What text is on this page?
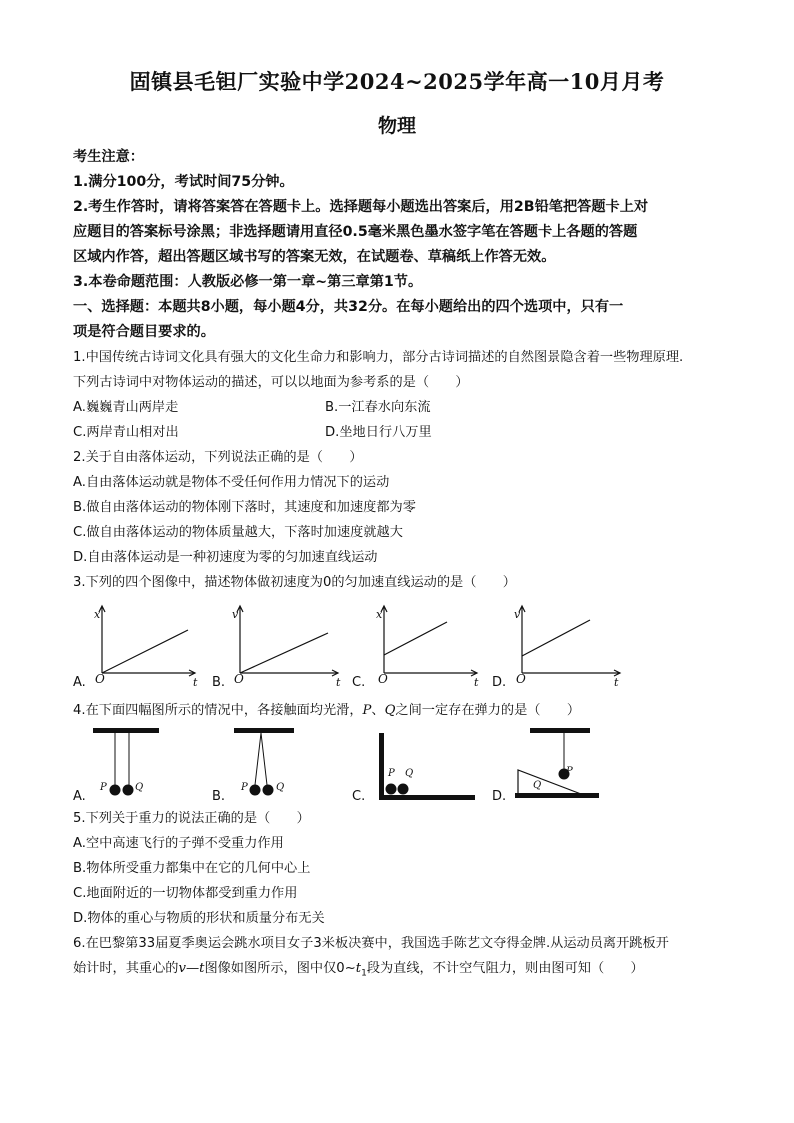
固镇县毛钽厂实验中学2024~2025学年高一10月月考
物理
考生注意：
1.满分100分，考试时间75分钟。
2.考生作答时，请将答案答在答题卡上。选择题每小题选出答案后，用2B铅笔把答题卡上对
应题目的答案标号涂黑；非选择题请用直径0.5毫米黑色墨水签字笔在答题卡上各题的答题
区域内作答，超出答题区域书写的答案无效，在试题卷、草稿纸上作答无效。
3.本卷命题范围：人教版必修一第一章~第三章第1节。
一、选择题：本题共8小题，每小题4分，共32分。在每小题给出的四个选项中，只有一
项是符合题目要求的。
1.中国传统古诗词文化具有强大的文化生命力和影响力，部分古诗词描述的自然图景隐含着一些物理原理.
下列古诗词中对物体运动的描述，可以以地面为参考系的是（　　）
A.巍巍青山两岸走	B.一江春水向东流
C.两岸青山相对出	D.坐地日行八万里
2.关于自由落体运动，下列说法正确的是（　　）
A.自由落体运动就是物体不受任何作用力情况下的运动
B.做自由落体运动的物体刚下落时，其速度和加速度都为零
C.做自由落体运动的物体质量越大，下落时加速度就越大
D.自由落体运动是一种初速度为零的匀加速直线运动
3.下列的四个图像中，描述物体做初速度为0的匀加速直线运动的是（　　）
A.
x
O	t B.
v
O	t C.
x
O	t D.
v
O	t
4.在下面四幅图所示的情况中，各接触面均光滑，P、Q之间一定存在弹力的是（　　）
A.
P	Q
B.
P	Q
C.
P Q
D.
P
Q
5.下列关于重力的说法正确的是（　　）
A.空中高速飞行的子弹不受重力作用
B.物体所受重力都集中在它的几何中心上
C.地面附近的一切物体都受到重力作用
D.物体的重心与物质的形状和质量分布无关
6.在巴黎第33届夏季奥运会跳水项目女子3米板决赛中，我国选手陈艺文夺得金牌.从运动员离开跳板开
始计时，其重心的v—t图像如图所示，图中仅$0\sim t_1$段为直线，不计空气阻力，则由图可知（　　）
